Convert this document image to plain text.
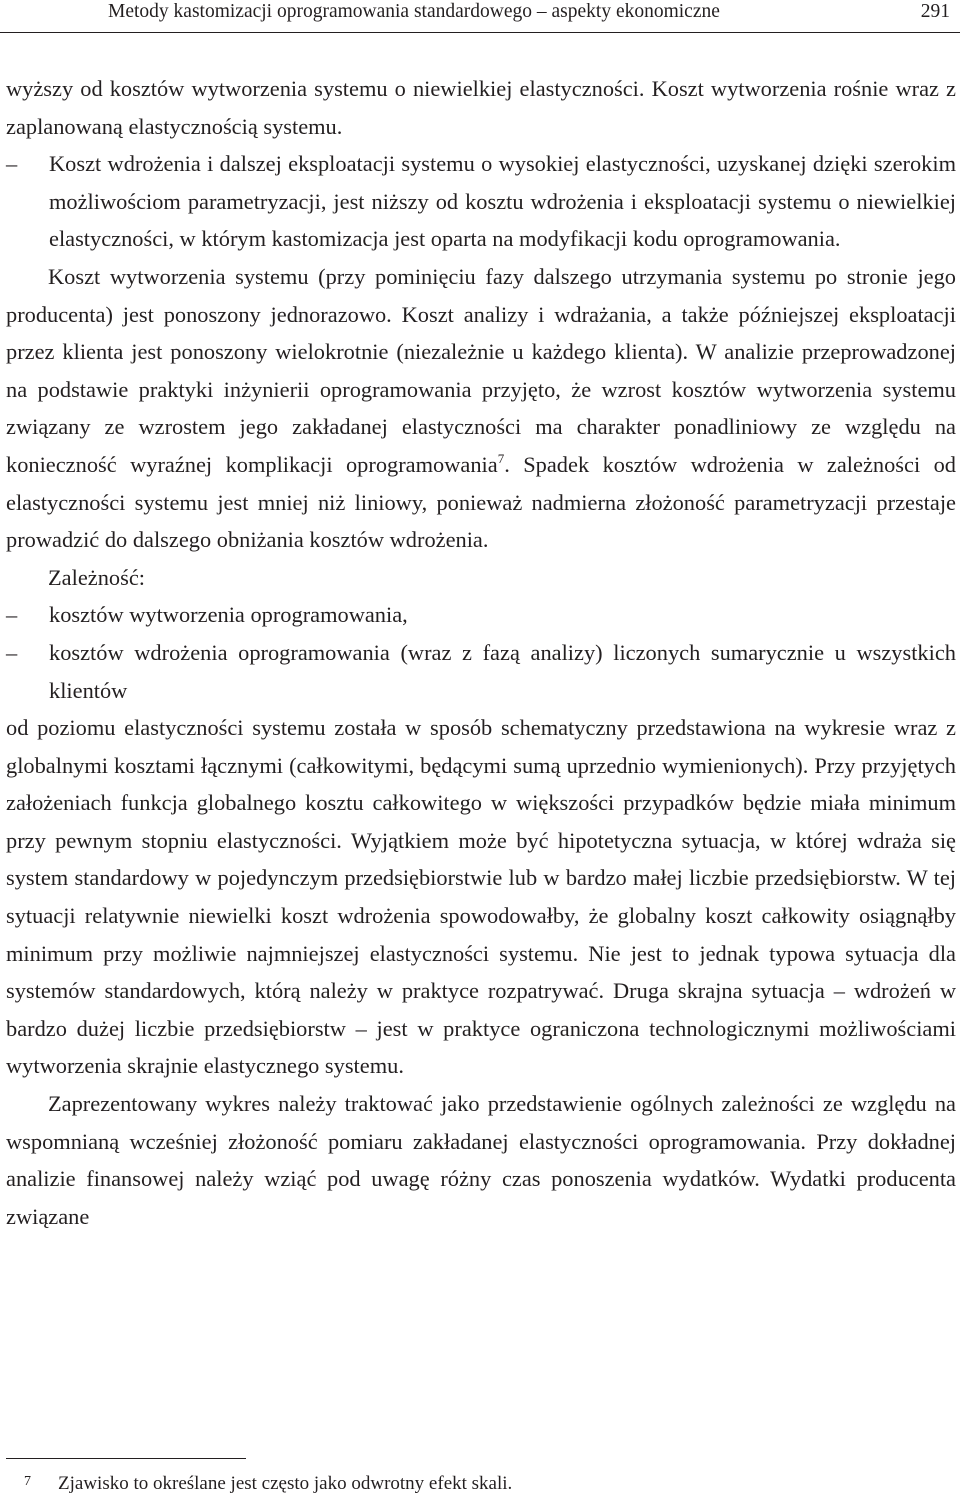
Metody kastomizacji oprogramowania standardowego – aspekty ekonomiczne	291

wyższy od kosztów wytworzenia systemu o niewielkiej elastyczności. Koszt wytworzenia rośnie wraz z zaplanowaną elastycznością systemu.

–	Koszt wdrożenia i dalszej eksploatacji systemu o wysokiej elastyczności, uzyskanej dzięki szerokim możliwościom parametryzacji, jest niższy od kosztu wdrożenia i eksploatacji systemu o niewielkiej elastyczności, w którym kastomizacja jest oparta na modyfikacji kodu oprogramowania.

Koszt wytworzenia systemu (przy pominięciu fazy dalszego utrzymania systemu po stronie jego producenta) jest ponoszony jednorazowo. Koszt analizy i wdrażania, a także późniejszej eksploatacji przez klienta jest ponoszony wielokrotnie (niezależnie u każdego klienta). W analizie przeprowadzonej na podstawie praktyki inżynierii oprogramowania przyjęto, że wzrost kosztów wytworzenia systemu związany ze wzrostem jego zakładanej elastyczności ma charakter ponadliniowy ze względu na konieczność wyraźnej komplikacji oprogramowania$^7$. Spadek kosztów wdrożenia w zależności od elastyczności systemu jest mniej niż liniowy, ponieważ nadmierna złożoność parametryzacji przestaje prowadzić do dalszego obniżania kosztów wdrożenia.

Zależność:

–	kosztów wytworzenia oprogramowania,

–	kosztów wdrożenia oprogramowania (wraz z fazą analizy) liczonych sumarycznie u wszystkich klientów

od poziomu elastyczności systemu została w sposób schematyczny przedstawiona na wykresie wraz z globalnymi kosztami łącznymi (całkowitymi, będącymi sumą uprzednio wymienionych). Przy przyjętych założeniach funkcja globalnego kosztu całkowitego w większości przypadków będzie miała minimum przy pewnym stopniu elastyczności. Wyjątkiem może być hipotetyczna sytuacja, w której wdraża się system standardowy w pojedynczym przedsiębiorstwie lub w bardzo małej liczbie przedsiębiorstw. W tej sytuacji relatywnie niewielki koszt wdrożenia spowodowałby, że globalny koszt całkowity osiągnąłby minimum przy możliwie najmniejszej elastyczności systemu. Nie jest to jednak typowa sytuacja dla systemów standardowych, którą należy w praktyce rozpatrywać. Druga skrajna sytuacja – wdrożeń w bardzo dużej liczbie przedsiębiorstw – jest w praktyce ograniczona technologicznymi możliwościami wytworzenia skrajnie elastycznego systemu.

Zaprezentowany wykres należy traktować jako przedstawienie ogólnych zależności ze względu na wspomnianą wcześniej złożoność pomiaru zakładanej elastyczności oprogramowania. Przy dokładnej analizie finansowej należy wziąć pod uwagę różny czas ponoszenia wydatków. Wydatki producenta związane

7 Zjawisko to określane jest często jako odwrotny efekt skali.
